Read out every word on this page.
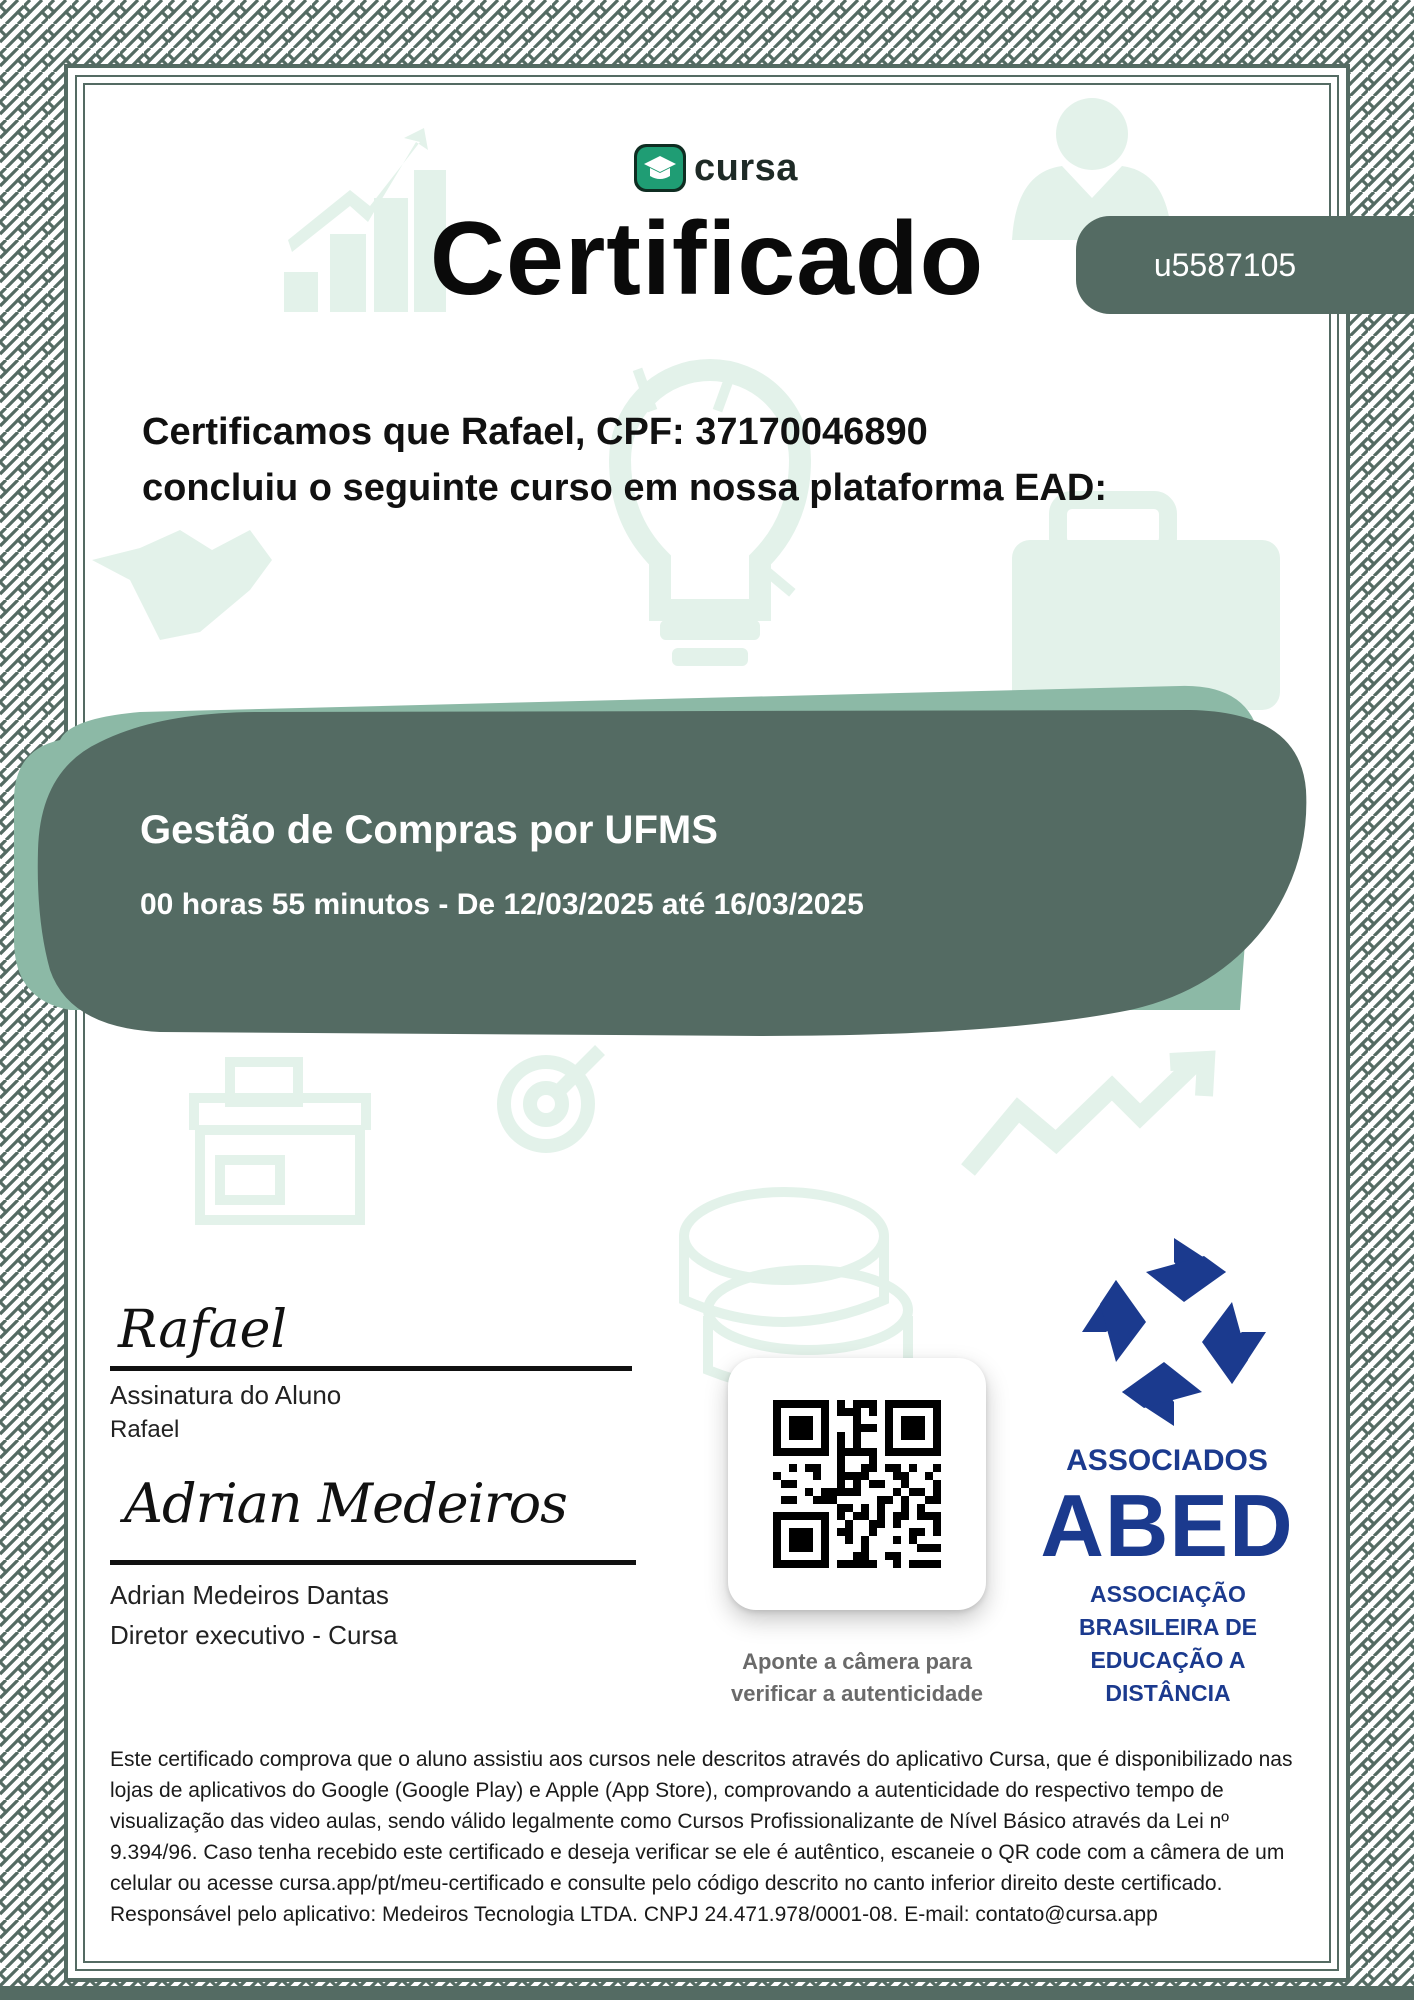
cursa
Certificado	u5587105
Certificamos que Rafael, CPF: 37170046890
concluiu o seguinte curso em nossa plataforma EAD:
Gestão de Compras por UFMS
00 horas 55 minutos - De 12/03/2025 até 16/03/2025
Rafael
Assinatura do Aluno
Rafael
Adrian Medeiros
Adrian Medeiros Dantas
Diretor executivo - Cursa
Aponte a câmera para
verificar a autenticidade
ASSOCIADOS
ABED
ASSOCIAÇÃO
BRASILEIRA DE
EDUCAÇÃO A
DISTÂNCIA

Este certificado comprova que o aluno assistiu aos cursos nele descritos através do aplicativo Cursa, que é disponibilizado nas lojas de aplicativos do Google (Google Play) e Apple (App Store), comprovando a autenticidade do respectivo tempo de visualização das video aulas, sendo válido legalmente como Cursos Profissionalizante de Nível Básico através da Lei nº 9.394/96. Caso tenha recebido este certificado e deseja verificar se ele é autêntico, escaneie o QR code com a câmera de um celular ou acesse cursa.app/pt/meu-certificado e consulte pelo código descrito no canto inferior direito deste certificado.

Responsável pelo aplicativo: Medeiros Tecnologia LTDA. CNPJ 24.471.978/0001-08. E-mail: contato@cursa.app
